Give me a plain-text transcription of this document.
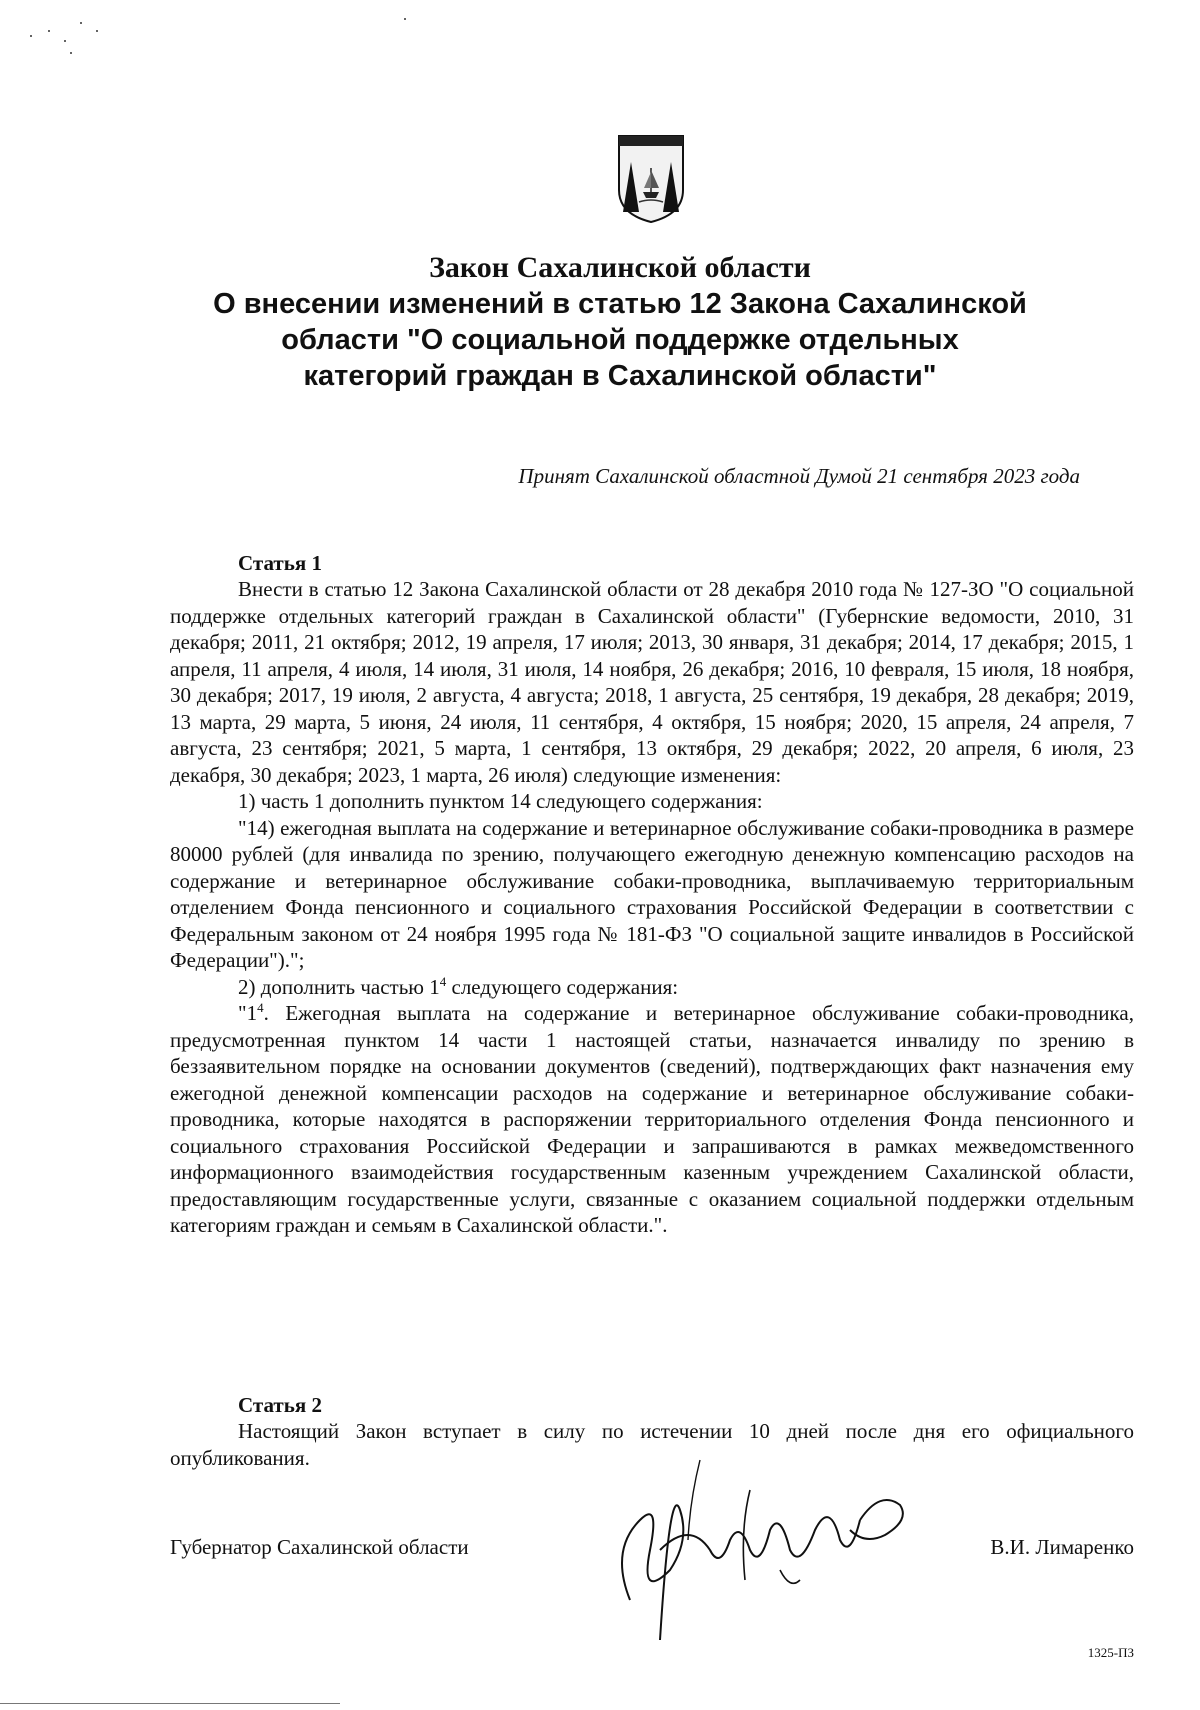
Закон Сахалинской области
О внесении изменений в статью 12 Закона Сахалинской области "О социальной поддержке отдельных категорий граждан в Сахалинской области"
Принят Сахалинской областной Думой 21 сентября 2023 года
Статья 1

Внести в статью 12 Закона Сахалинской области от 28 декабря 2010 года № 127-ЗО "О социальной поддержке отдельных категорий граждан в Сахалинской области" (Губернские ведомости, 2010, 31 декабря; 2011, 21 октября; 2012, 19 апреля, 17 июля; 2013, 30 января, 31 декабря; 2014, 17 декабря; 2015, 1 апреля, 11 апреля, 4 июля, 14 июля, 31 июля, 14 ноября, 26 декабря; 2016, 10 февраля, 15 июля, 18 ноября, 30 декабря; 2017, 19 июля, 2 августа, 4 августа; 2018, 1 августа, 25 сентября, 19 декабря, 28 декабря; 2019, 13 марта, 29 марта, 5 июня, 24 июля, 11 сентября, 4 октября, 15 ноября; 2020, 15 апреля, 24 апреля, 7 августа, 23 сентября; 2021, 5 марта, 1 сентября, 13 октября, 29 декабря; 2022, 20 апреля, 6 июля, 23 декабря, 30 декабря; 2023, 1 марта, 26 июля) следующие изменения:

1) часть 1 дополнить пунктом 14 следующего содержания:

"14) ежегодная выплата на содержание и ветеринарное обслуживание собаки-проводника в размере 80000 рублей (для инвалида по зрению, получающего ежегодную денежную компенсацию расходов на содержание и ветеринарное обслуживание собаки-проводника, выплачиваемую территориальным отделением Фонда пенсионного и социального страхования Российской Федерации в соответствии с Федеральным законом от 24 ноября 1995 года № 181-ФЗ "О социальной защите инвалидов в Российской Федерации").";

2) дополнить частью $1^4$ следующего содержания:

"$1^4$. Ежегодная выплата на содержание и ветеринарное обслуживание собаки-проводника, предусмотренная пунктом 14 части 1 настоящей статьи, назначается инвалиду по зрению в беззаявительном порядке на основании документов (сведений), подтверждающих факт назначения ему ежегодной денежной компенсации расходов на содержание и ветеринарное обслуживание собаки-проводника, которые находятся в распоряжении территориального отделения Фонда пенсионного и социального страхования Российской Федерации и запрашиваются в рамках межведомственного информационного взаимодействия государственным казенным учреждением Сахалинской области, предоставляющим государственные услуги, связанные с оказанием социальной поддержки отдельным категориям граждан и семьям в Сахалинской области.".

Статья 2

Настоящий Закон вступает в силу по истечении 10 дней после дня его официального опубликования.

Губернатор Сахалинской области	В.И. Лимаренко
1325-ПЗ
